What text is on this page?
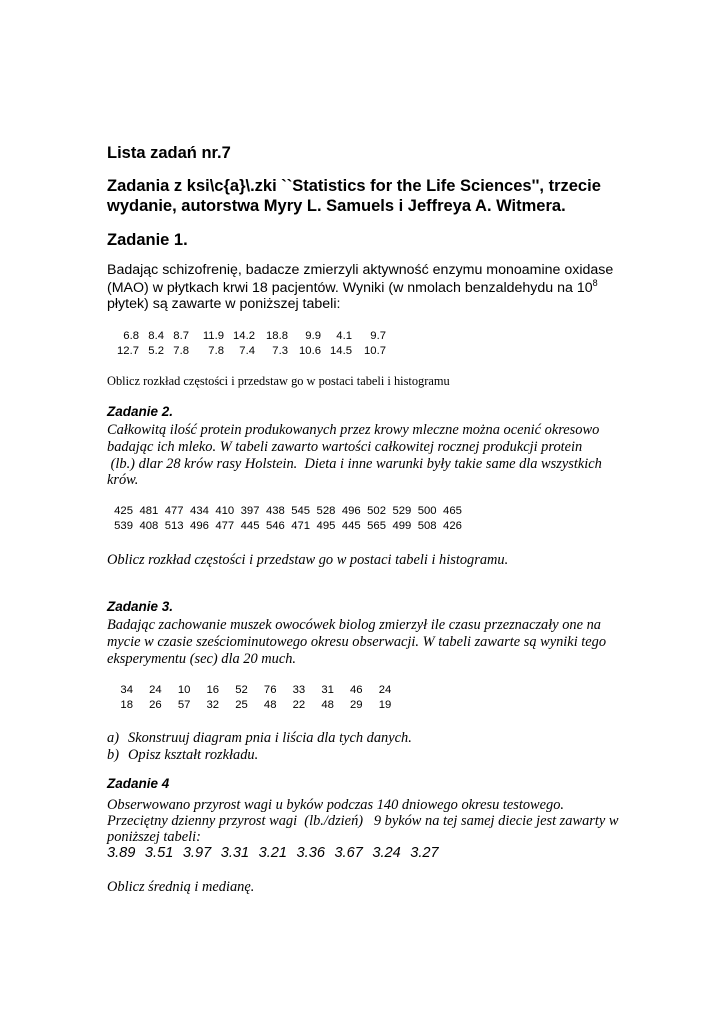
Lista zadań nr.7
Zadania z ksi\c{a}\.zki ``Statistics for the Life Sciences'', trzecie
wydanie, autorstwa Myry L. Samuels i Jeffreya A. Witmera.
Zadanie 1.
Badając schizofrenię, badacze zmierzyli aktywność enzymu monoamine oxidase
(MAO) w płytkach krwi 18 pacjentów. Wyniki (w nmolach benzaldehydu na $10^8$
płytek) są zawarte w poniższej tabeli:
6.8 8.4 8.7	11.9 14.2 18.8	9.9	4.1	9.7
12.7 5.2 7.8	7.8	7.4	7.3 10.6 14.5	10.7
Oblicz rozkład częstości i przedstaw go w postaci tabeli i histogramu
Zadanie 2.
Całkowitą ilość protein produkowanych przez krowy mleczne można ocenić okresowo
badając ich mleko. W tabeli zawarto wartości całkowitej rocznej produkcji protein
(lb.) dlar 28 krów rasy Holstein.  Dieta i inne warunki były takie same dla wszystkich
krów.
425 481 477 434 410 397 438 545 528 496 502 529 500 465
539 408 513 496 477 445 546 471 495 445 565 499 508 426
Oblicz rozkład częstości i przedstaw go w postaci tabeli i histogramu.
Zadanie 3.
Badając zachowanie muszek owocówek biolog zmierzył ile czasu przeznaczały one na
mycie w czasie sześciominutowego okresu obserwacji. W tabeli zawarte są wyniki tego
eksperymentu (sec) dla 20 much.
34	24	10	16	52	76	33	31	46	24
18	26	57	32	25	48	22	48	29	19
a) Skonstruuj diagram pnia i liścia dla tych danych.
b) Opisz kształt rozkładu.
Zadanie 4
Obserwowano przyrost wagi u byków podczas 140 dniowego okresu testowego.
Przeciętny dzienny przyrost wagi  (lb./dzień)   9 byków na tej samej diecie jest zawarty w
poniższej tabeli:
3.89 3.51 3.97 3.31 3.21 3.36 3.67 3.24 3.27
Oblicz średnią i medianę.
